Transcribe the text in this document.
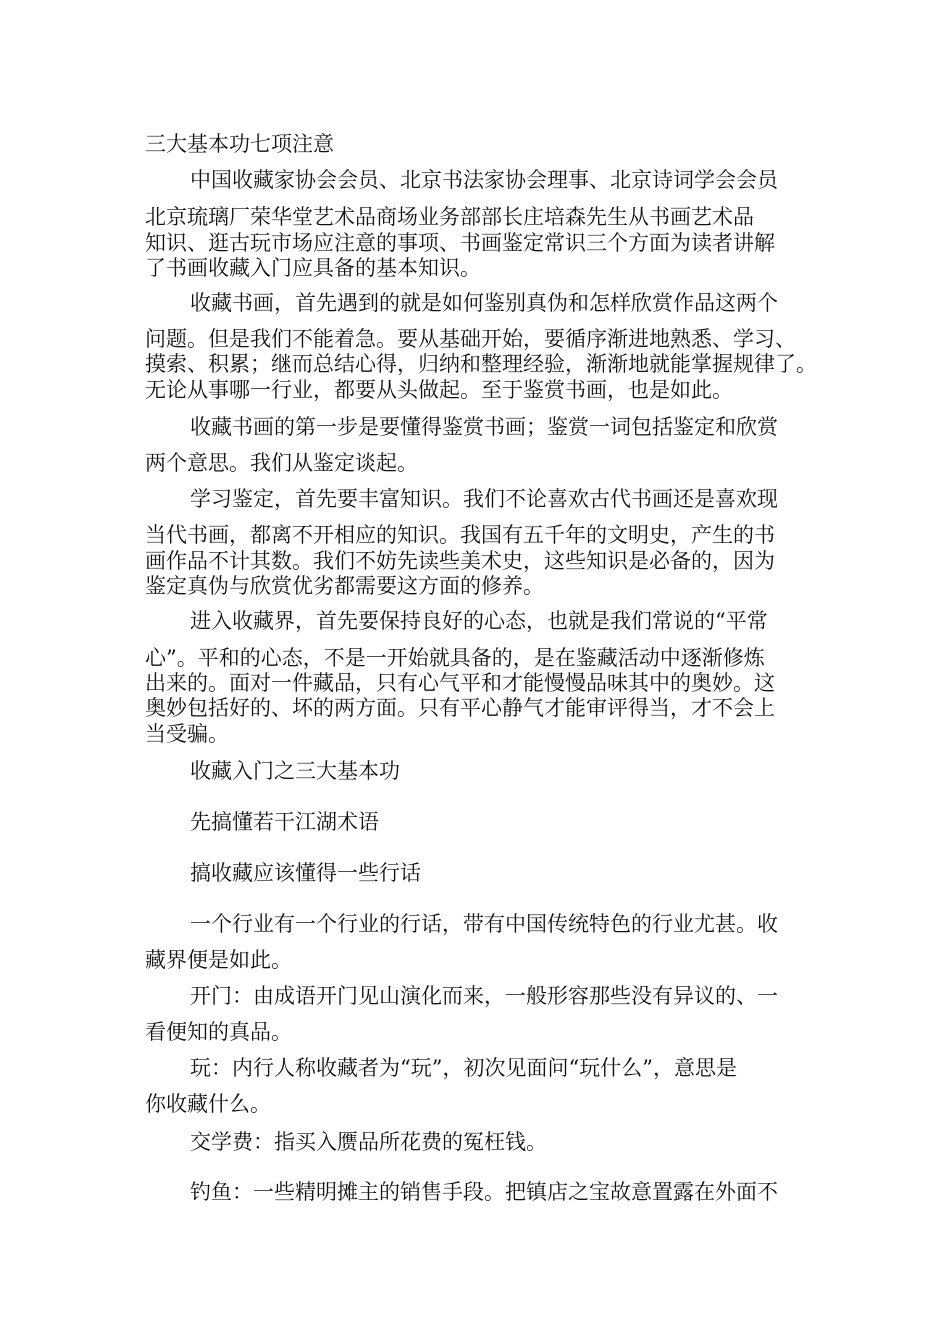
三大基本功七项注意
中国收藏家协会会员、北京书法家协会理事、北京诗词学会会员
北京琉璃厂荣华堂艺术品商场业务部部长庄培森先生从书画艺术品
知识、逛古玩市场应注意的事项、书画鉴定常识三个方面为读者讲解
了书画收藏入门应具备的基本知识。
收藏书画，首先遇到的就是如何鉴别真伪和怎样欣赏作品这两个
问题。但是我们不能着急。要从基础开始，要循序渐进地熟悉、学习、
摸索、积累；继而总结心得，归纳和整理经验，渐渐地就能掌握规律了。
无论从事哪一行业，都要从头做起。至于鉴赏书画，也是如此。
收藏书画的第一步是要懂得鉴赏书画；鉴赏一词包括鉴定和欣赏
两个意思。我们从鉴定谈起。
学习鉴定，首先要丰富知识。我们不论喜欢古代书画还是喜欢现
当代书画，都离不开相应的知识。我国有五千年的文明史，产生的书
画作品不计其数。我们不妨先读些美术史，这些知识是必备的，因为
鉴定真伪与欣赏优劣都需要这方面的修养。
进入收藏界，首先要保持良好的心态，也就是我们常说的“平常
心”。平和的心态，不是一开始就具备的，是在鉴藏活动中逐渐修炼
出来的。面对一件藏品，只有心气平和才能慢慢品味其中的奥妙。这
奥妙包括好的、坏的两方面。只有平心静气才能审评得当，才不会上
当受骗。
收藏入门之三大基本功
先搞懂若干江湖术语
搞收藏应该懂得一些行话
一个行业有一个行业的行话，带有中国传统特色的行业尤甚。收
藏界便是如此。
开门：由成语开门见山演化而来，一般形容那些没有异议的、一
看便知的真品。
玩：内行人称收藏者为“玩”，初次见面问“玩什么”，意思是
你收藏什么。
交学费：指买入赝品所花费的冤枉钱。
钓鱼：一些精明摊主的销售手段。把镇店之宝故意置露在外面不
